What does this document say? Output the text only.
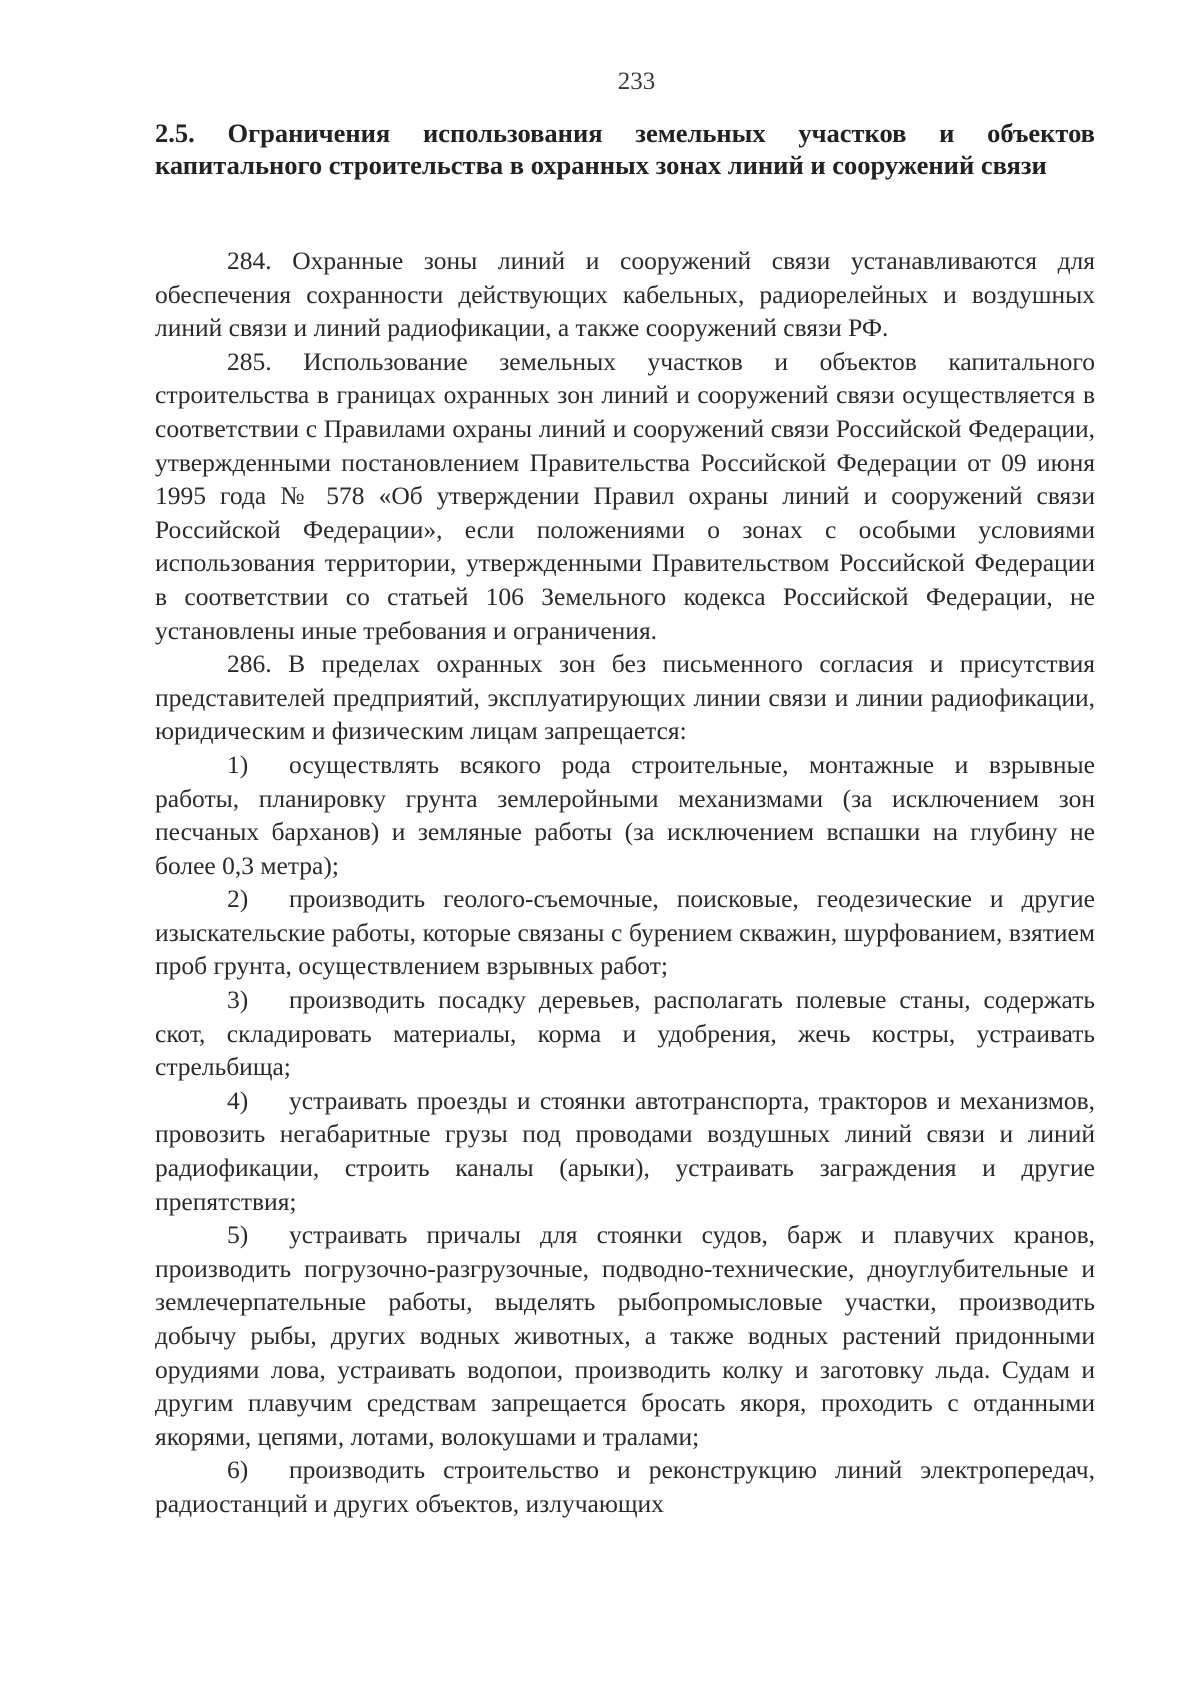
233
2.5. Ограничения использования земельных участков и объектов капитального строительства в охранных зонах линий и сооружений связи

284. Охранные зоны линий и сооружений связи устанавливаются для обеспечения сохранности действующих кабельных, радиорелейных и воздушных линий связи и линий радиофикации, а также сооружений связи РФ.

285. Использование земельных участков и объектов капитального строительства в границах охранных зон линий и сооружений связи осуществляется в соответствии с Правилами охраны линий и сооружений связи Российской Федерации, утвержденными постановлением Правительства Российской Федерации от 09 июня 1995 года № 578 «Об утверждении Правил охраны линий и сооружений связи Российской Федерации», если положениями о зонах с особыми условиями использования территории, утвержденными Правительством Российской Федерации в соответствии со статьей 106 Земельного кодекса Российской Федерации, не установлены иные требования и ограничения.

286. В пределах охранных зон без письменного согласия и присутствия представителей предприятий, эксплуатирующих линии связи и линии радиофикации, юридическим и физическим лицам запрещается:

1) осуществлять всякого рода строительные, монтажные и взрывные работы, планировку грунта землеройными механизмами (за исключением зон песчаных барханов) и земляные работы (за исключением вспашки на глубину не более 0,3 метра);

2) производить геолого-съемочные, поисковые, геодезические и другие изыскательские работы, которые связаны с бурением скважин, шурфованием, взятием проб грунта, осуществлением взрывных работ;

3) производить посадку деревьев, располагать полевые станы, содержать скот, складировать материалы, корма и удобрения, жечь костры, устраивать стрельбища;

4) устраивать проезды и стоянки автотранспорта, тракторов и механизмов, провозить негабаритные грузы под проводами воздушных линий связи и линий радиофикации, строить каналы (арыки), устраивать заграждения и другие препятствия;

5) устраивать причалы для стоянки судов, барж и плавучих кранов, производить погрузочно-разгрузочные, подводно-технические, дноуглубительные и землечерпательные работы, выделять рыбопромысловые участки, производить добычу рыбы, других водных животных, а также водных растений придонными орудиями лова, устраивать водопои, производить колку и заготовку льда. Судам и другим плавучим средствам запрещается бросать якоря, проходить с отданными якорями, цепями, лотами, волокушами и тралами;

6) производить строительство и реконструкцию линий электропередач, радиостанций и других объектов, излучающих
